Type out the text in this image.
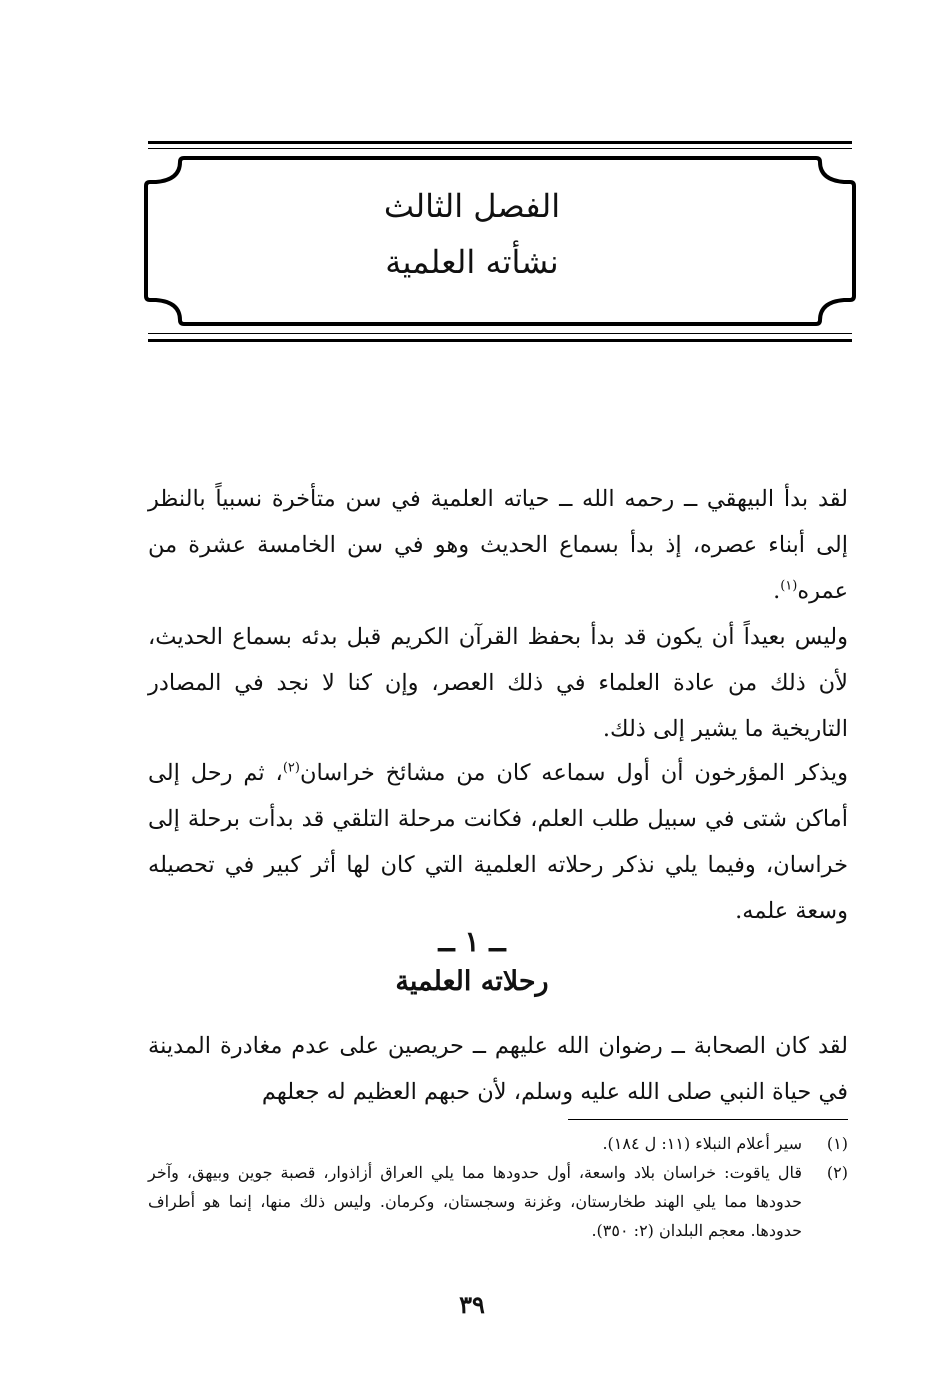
الفصل الثالث
نشأته العلمية

لقد بدأ البيهقي ــ رحمه الله ــ حياته العلمية في سن متأخرة نسبياً بالنظر إلى أبناء عصره، إذ بدأ بسماع الحديث وهو في سن الخامسة عشرة من عمره$^{(١)}$.

وليس بعيداً أن يكون قد بدأ بحفظ القرآن الكريم قبل بدئه بسماع الحديث، لأن ذلك من عادة العلماء في ذلك العصر، وإن كنا لا نجد في المصادر التاريخية ما يشير إلى ذلك.

ويذكر المؤرخون أن أول سماعه كان من مشائخ خراسان$^{(٢)}$، ثم رحل إلى أماكن شتى في سبيل طلب العلم، فكانت مرحلة التلقي قد بدأت برحلة إلى خراسان، وفيما يلي نذكر رحلاته العلمية التي كان لها أثر كبير في تحصيله وسعة علمه.

ــ ١ ــ
رحلاته العلمية

لقد كان الصحابة ــ رضوان الله عليهم ــ حريصين على عدم مغادرة المدينة في حياة النبي صلى الله عليه وسلم، لأن حبهم العظيم له جعلهم

(١)
سير أعلام النبلاء (١١: ل ١٨٤).
(٢)
قال ياقوت: خراسان بلاد واسعة، أول حدودها مما يلي العراق أزاذوار، قصبة جوين وبيهق، وآخر حدودها مما يلي الهند طخارستان، وغزنة وسجستان، وكرمان. وليس ذلك منها، إنما هو أطراف حدودها. معجم البلدان (٢: ٣٥٠).
٣٩
